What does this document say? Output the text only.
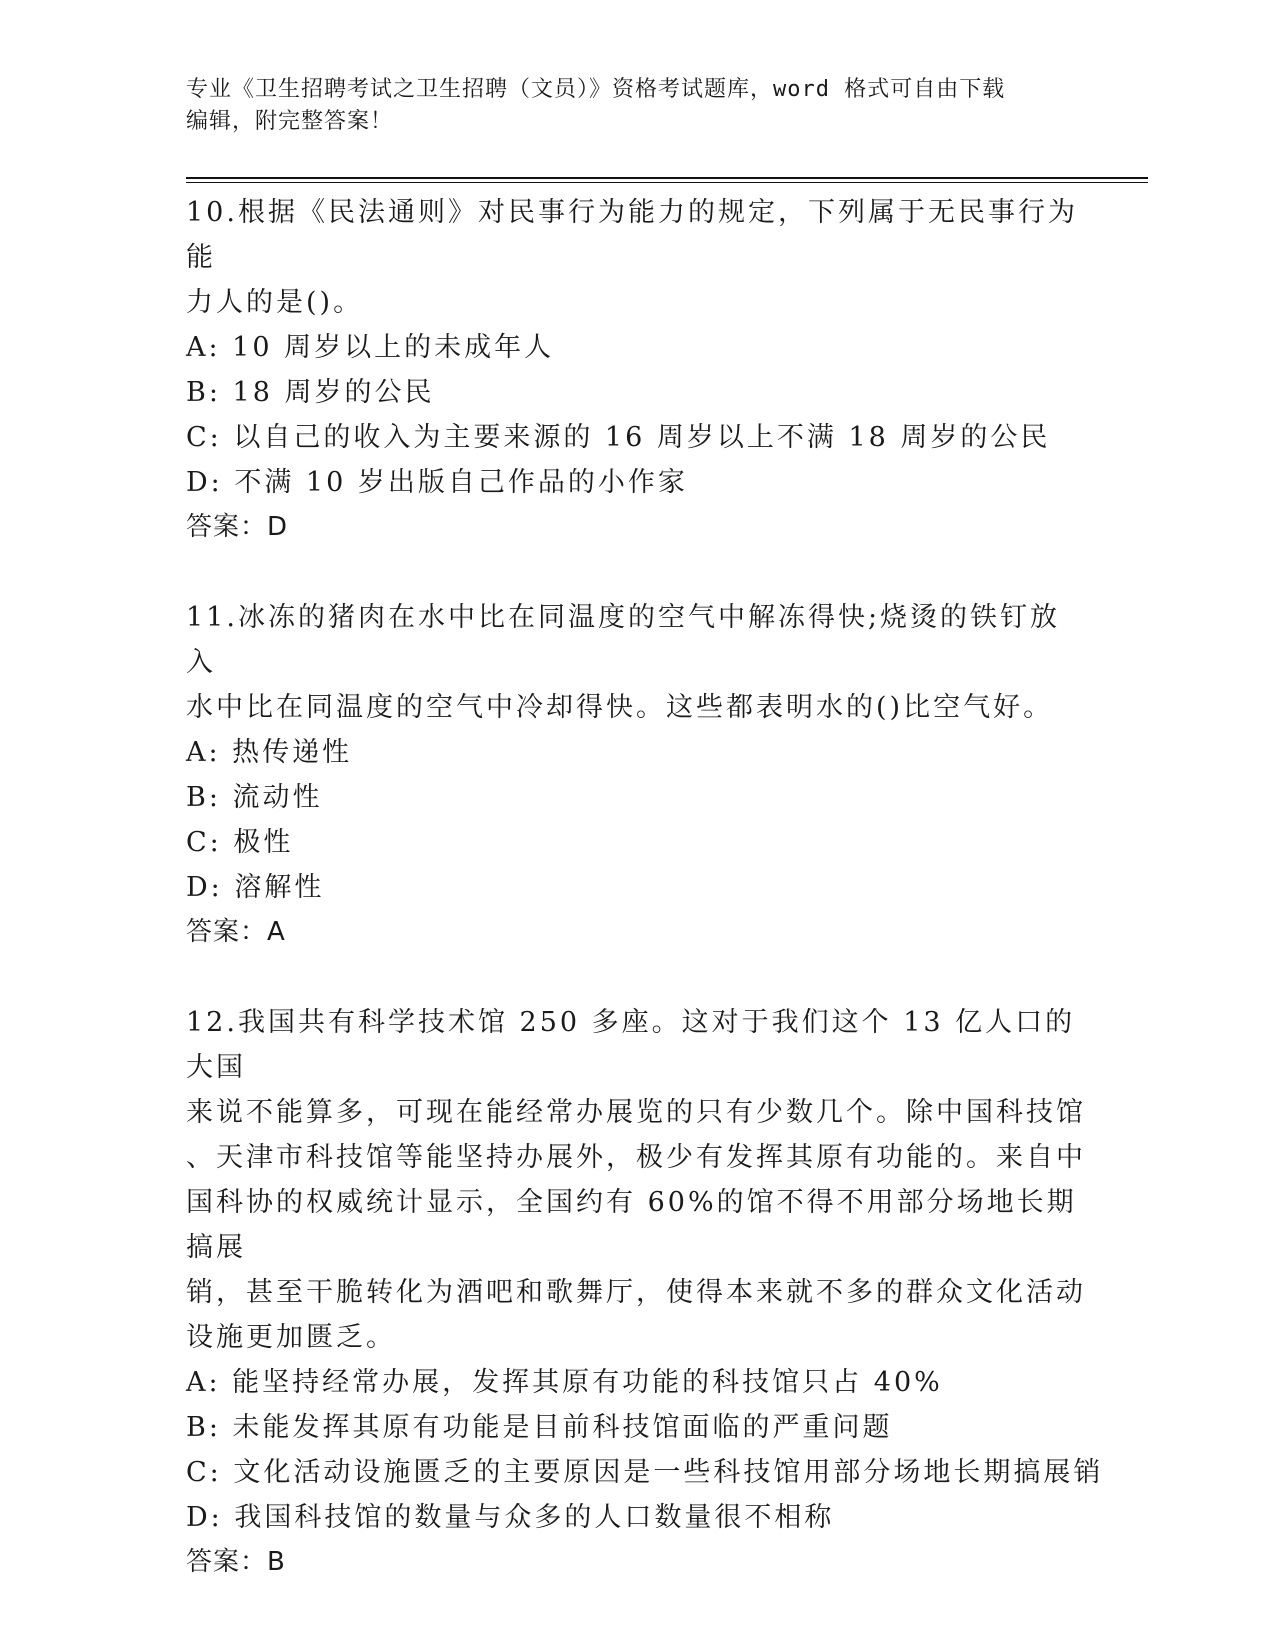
专业《卫生招聘考试之卫生招聘（文员）》资格考试题库，word 格式可自由下载
编辑，附完整答案！

10.根据《民法通则》对民事行为能力的规定，下列属于无民事行为能

力人的是()。

A: 10 周岁以上的未成年人

B: 18 周岁的公民

C: 以自己的收入为主要来源的 16 周岁以上不满 18 周岁的公民

D: 不满 10 岁出版自己作品的小作家

答案：D

11.冰冻的猪肉在水中比在同温度的空气中解冻得快;烧烫的铁钉放入

水中比在同温度的空气中冷却得快。这些都表明水的()比空气好。

A: 热传递性

B: 流动性

C: 极性

D: 溶解性

答案：A

12.我国共有科学技术馆 250 多座。这对于我们这个 13 亿人口的大国

来说不能算多，可现在能经常办展览的只有少数几个。除中国科技馆

、天津市科技馆等能坚持办展外，极少有发挥其原有功能的。来自中

国科协的权威统计显示，全国约有 60%的馆不得不用部分场地长期搞展

销，甚至干脆转化为酒吧和歌舞厅，使得本来就不多的群众文化活动

设施更加匮乏。

A: 能坚持经常办展，发挥其原有功能的科技馆只占 40%

B: 未能发挥其原有功能是目前科技馆面临的严重问题

C: 文化活动设施匮乏的主要原因是一些科技馆用部分场地长期搞展销

D: 我国科技馆的数量与众多的人口数量很不相称

答案：B
